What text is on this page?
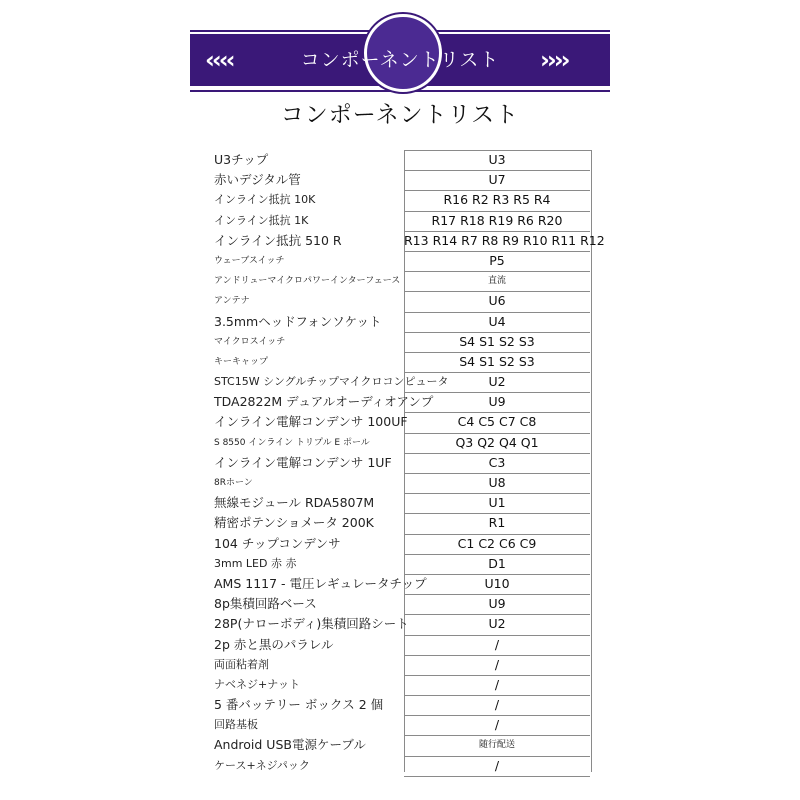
‹‹‹‹	››››
コンポーネントリスト
コンポーネントリスト
U3チップ	U3
赤いデジタル管	U7
インライン抵抗 10K	R16 R2 R3 R5 R4
インライン抵抗 1K	R17 R18 R19 R6 R20
インライン抵抗 510 R	R13 R14 R7 R8 R9 R10 R11 R12
ウェーブスイッチ	P5
アンドリューマイクロパワーインターフェース	直流
アンテナ	U6
3.5mmヘッドフォンソケット	U4
マイクロスイッチ	S4 S1 S2 S3
キーキャップ	S4 S1 S2 S3
STC15W シングルチップマイクロコンピュータ	U2
TDA2822M デュアルオーディオアンプ	U9
インライン電解コンデンサ 100UF	C4 C5 C7 C8
S 8550 インライン トリプル E ポール	Q3 Q2 Q4 Q1
インライン電解コンデンサ 1UF	C3
8Rホーン	U8
無線モジュール RDA5807M	U1
精密ポテンショメータ 200K	R1
104 チップコンデンサ	C1 C2 C6 C9
3mm LED 赤 赤	D1
AMS 1117 - 電圧レギュレータチップ	U10
8p集積回路ベース	U9
28P(ナローボディ)集積回路シート	U2
2p 赤と黒のパラレル	/
両面粘着剤	/
ナベネジ+ナット	/
5 番バッテリー ボックス 2 個	/
回路基板	/
Android USB電源ケーブル	随行配送
ケース+ネジパック	/
